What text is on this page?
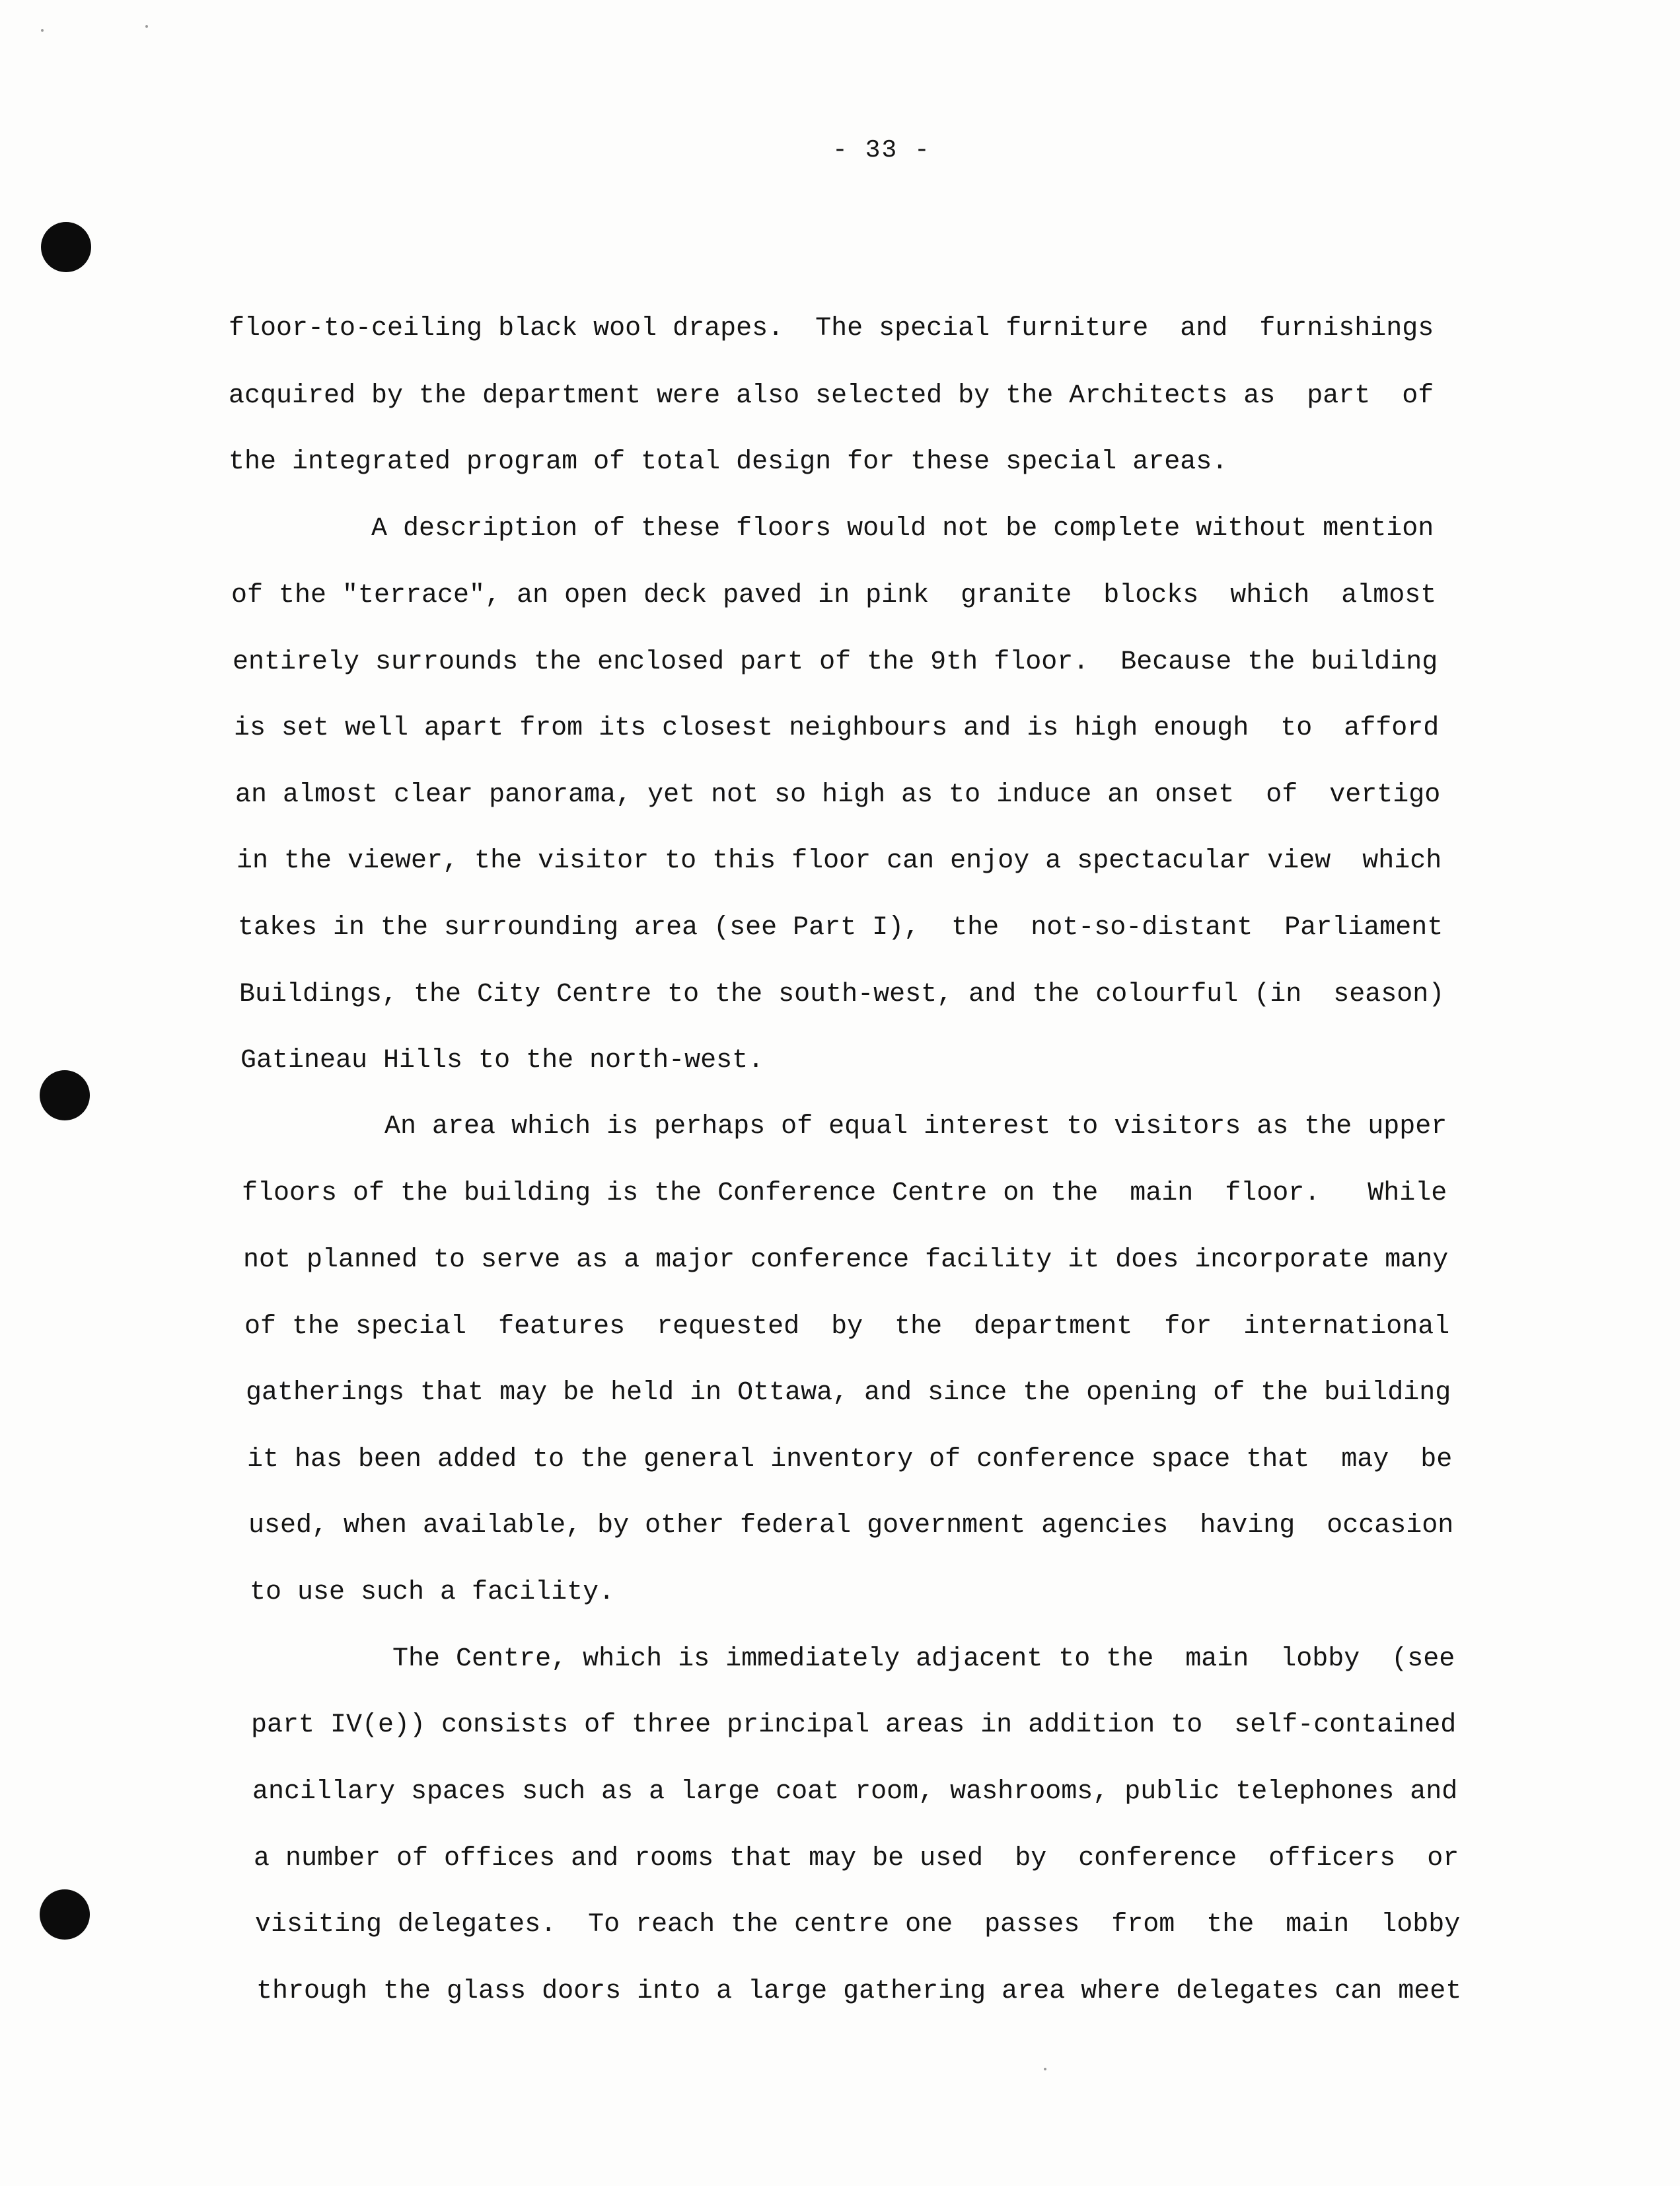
- 33 -
floor-to-ceiling black wool drapes.  The special furniture  and  furnishings
acquired by the department were also selected by the Architects as  part  of
the integrated program of total design for these special areas.
A description of these floors would not be complete without mention
of the "terrace", an open deck paved in pink  granite  blocks  which  almost
entirely surrounds the enclosed part of the 9th floor.  Because the building
is set well apart from its closest neighbours and is high enough  to  afford
an almost clear panorama, yet not so high as to induce an onset  of  vertigo
in the viewer, the visitor to this floor can enjoy a spectacular view  which
takes in the surrounding area (see Part I),  the  not-so-distant  Parliament
Buildings, the City Centre to the south-west, and the colourful (in  season)
Gatineau Hills to the north-west.
An area which is perhaps of equal interest to visitors as the upper
floors of the building is the Conference Centre on the  main  floor.   While
not planned to serve as a major conference facility it does incorporate many
of the special  features  requested  by  the  department  for  international
gatherings that may be held in Ottawa, and since the opening of the building
it has been added to the general inventory of conference space that  may  be
used, when available, by other federal government agencies  having  occasion
to use such a facility.
The Centre, which is immediately adjacent to the  main  lobby  (see
part IV(e)) consists of three principal areas in addition to  self-contained
ancillary spaces such as a large coat room, washrooms, public telephones and
a number of offices and rooms that may be used  by  conference  officers  or
visiting delegates.  To reach the centre one  passes  from  the  main  lobby
through the glass doors into a large gathering area where delegates can meet
